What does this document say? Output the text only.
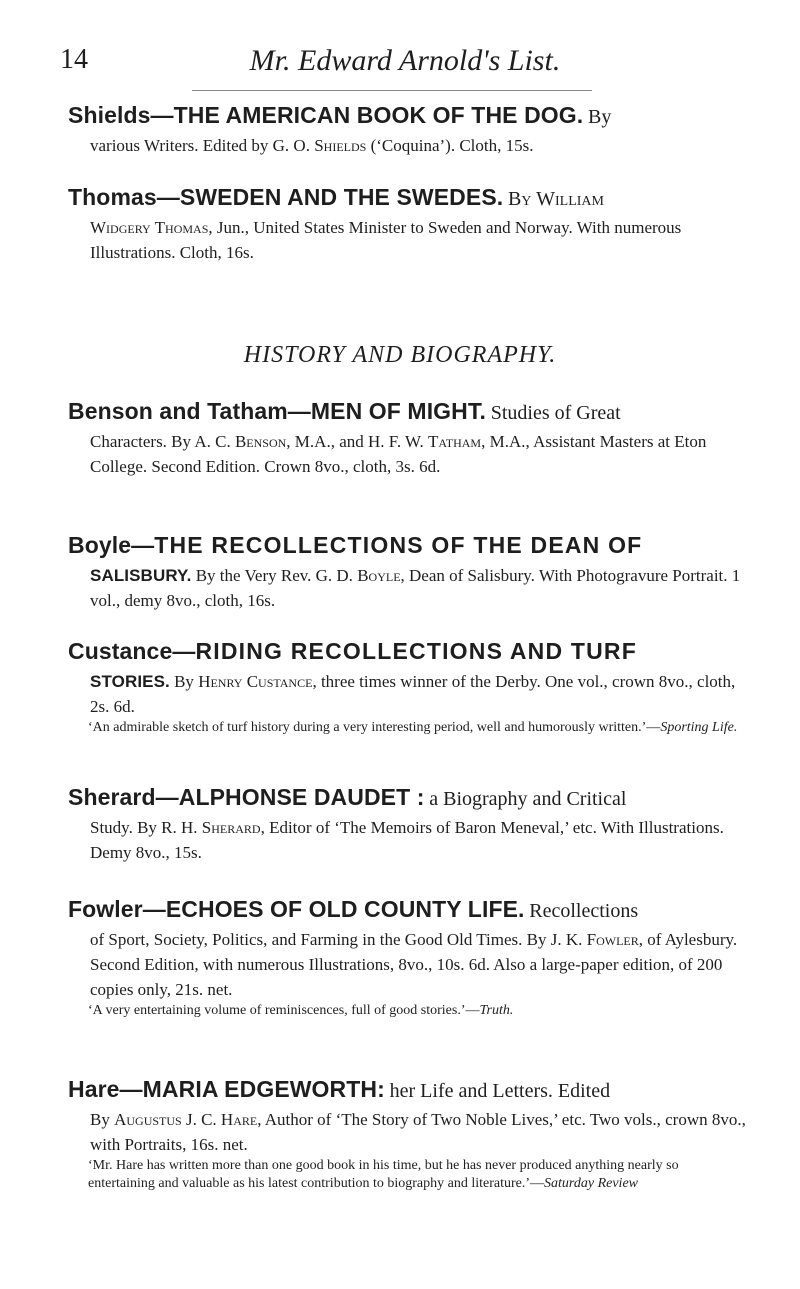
14	Mr. Edward Arnold's List.

Shields—THE AMERICAN BOOK OF THE DOG. By

various Writers. Edited by G. O. Shields (‘Coquina’). Cloth, 15s.

Thomas—SWEDEN AND THE SWEDES. By William

Widgery Thomas, Jun., United States Minister to Sweden and Norway. With numerous Illustrations. Cloth, 16s.

HISTORY AND BIOGRAPHY.

Benson and Tatham—MEN OF MIGHT. Studies of Great

Characters. By A. C. Benson, M.A., and H. F. W. Tatham, M.A., Assistant Masters at Eton College. Second Edition. Crown 8vo., cloth, 3s. 6d.

Boyle—THE RECOLLECTIONS OF THE DEAN OF

SALISBURY. By the Very Rev. G. D. Boyle, Dean of Salisbury. With Photogravure Portrait. 1 vol., demy 8vo., cloth, 16s.

Custance—RIDING RECOLLECTIONS AND TURF

STORIES. By Henry Custance, three times winner of the Derby. One vol., crown 8vo., cloth, 2s. 6d.

‘An admirable sketch of turf history during a very interesting period, well and humorously written.’—Sporting Life.

Sherard—ALPHONSE DAUDET : a Biography and Critical

Study. By R. H. Sherard, Editor of ‘The Memoirs of Baron Meneval,’ etc. With Illustrations. Demy 8vo., 15s.

Fowler—ECHOES OF OLD COUNTY LIFE. Recollections

of Sport, Society, Politics, and Farming in the Good Old Times. By J. K. Fowler, of Aylesbury. Second Edition, with numerous Illustrations, 8vo., 10s. 6d. Also a large-paper edition, of 200 copies only, 21s. net.

‘A very entertaining volume of reminiscences, full of good stories.’—Truth.

Hare—MARIA EDGEWORTH: her Life and Letters. Edited

By Augustus J. C. Hare, Author of ‘The Story of Two Noble Lives,’ etc. Two vols., crown 8vo., with Portraits, 16s. net.

‘Mr. Hare has written more than one good book in his time, but he has never produced anything nearly so entertaining and valuable as his latest contribution to biography and literature.’—Saturday Review
